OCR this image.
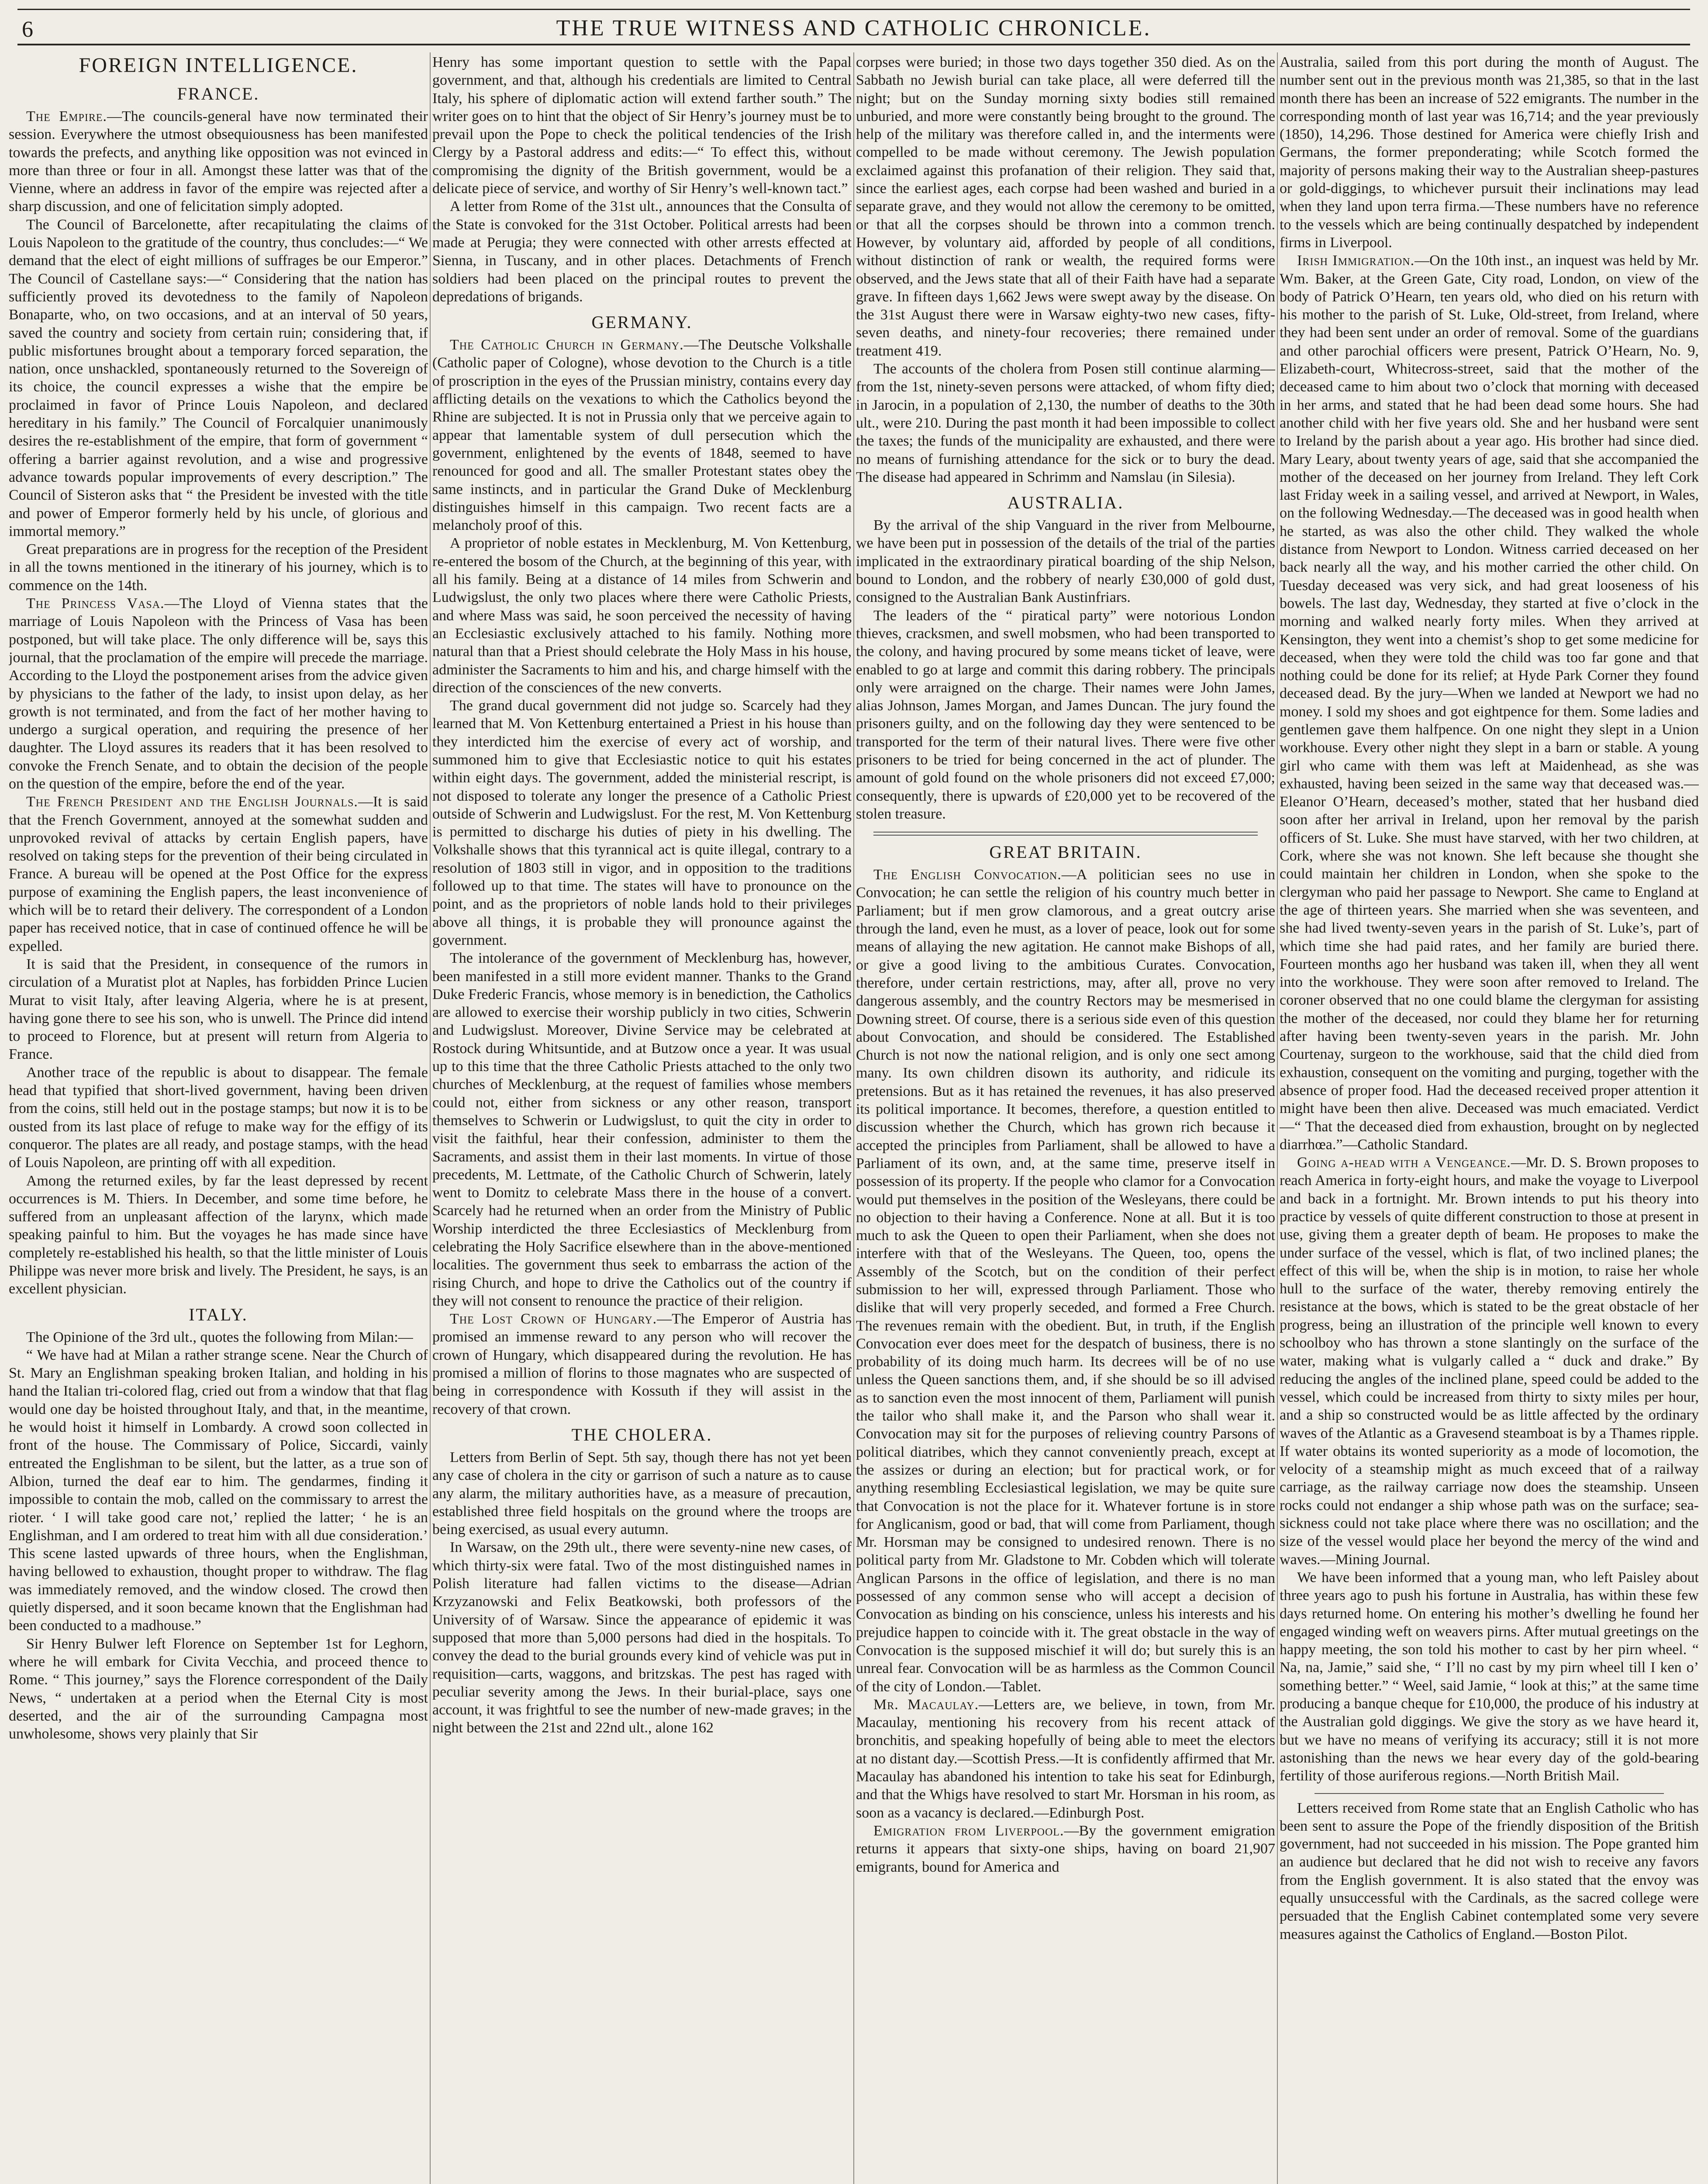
6	THE TRUE WITNESS AND CATHOLIC CHRONICLE.
FOREIGN INTELLIGENCE.
FRANCE.

The Empire.—The councils-general have now terminated their session. Everywhere the utmost obsequiousness has been manifested towards the prefects, and anything like opposition was not evinced in more than three or four in all. Amongst these latter was that of the Vienne, where an address in favor of the empire was rejected after a sharp discussion, and one of felicitation simply adopted.

The Council of Barcelonette, after recapitulating the claims of Louis Napoleon to the gratitude of the country, thus concludes:—“ We demand that the elect of eight millions of suffrages be our Emperor.” The Council of Castellane says:—“ Considering that the nation has sufficiently proved its devotedness to the family of Napoleon Bonaparte, who, on two occasions, and at an interval of 50 years, saved the country and society from certain ruin; considering that, if public misfortunes brought about a temporary forced separation, the nation, once unshackled, spontaneously returned to the Sovereign of its choice, the council expresses a wishe that the empire be proclaimed in favor of Prince Louis Napoleon, and declared hereditary in his family.” The Council of Forcalquier unanimously desires the re-establishment of the empire, that form of government “ offering a barrier against revolution, and a wise and progressive advance towards popular improvements of every description.” The Council of Sisteron asks that “ the President be invested with the title and power of Emperor formerly held by his uncle, of glorious and immortal memory.”

Great preparations are in progress for the reception of the President in all the towns mentioned in the itinerary of his journey, which is to commence on the 14th.

The Princess Vasa.—The Lloyd of Vienna states that the marriage of Louis Napoleon with the Princess of Vasa has been postponed, but will take place. The only difference will be, says this journal, that the proclamation of the empire will precede the marriage. According to the Lloyd the postponement arises from the advice given by physicians to the father of the lady, to insist upon delay, as her growth is not terminated, and from the fact of her mother having to undergo a surgical operation, and requiring the presence of her daughter. The Lloyd assures its readers that it has been resolved to convoke the French Senate, and to obtain the decision of the people on the question of the empire, before the end of the year.

The French President and the English Journals.—It is said that the French Government, annoyed at the somewhat sudden and unprovoked revival of attacks by certain English papers, have resolved on taking steps for the prevention of their being circulated in France. A bureau will be opened at the Post Office for the express purpose of examining the English papers, the least inconvenience of which will be to retard their delivery. The correspondent of a London paper has received notice, that in case of continued offence he will be expelled.

It is said that the President, in consequence of the rumors in circulation of a Muratist plot at Naples, has forbidden Prince Lucien Murat to visit Italy, after leaving Algeria, where he is at present, having gone there to see his son, who is unwell. The Prince did intend to proceed to Florence, but at present will return from Algeria to France.

Another trace of the republic is about to disappear. The female head that typified that short-lived government, having been driven from the coins, still held out in the postage stamps; but now it is to be ousted from its last place of refuge to make way for the effigy of its conqueror. The plates are all ready, and postage stamps, with the head of Louis Napoleon, are printing off with all expedition.

Among the returned exiles, by far the least depressed by recent occurrences is M. Thiers. In December, and some time before, he suffered from an unpleasant affection of the larynx, which made speaking painful to him. But the voyages he has made since have completely re-established his health, so that the little minister of Louis Philippe was never more brisk and lively. The President, he says, is an excellent physician.

ITALY.

The Opinione of the 3rd ult., quotes the following from Milan:—

“ We have had at Milan a rather strange scene. Near the Church of St. Mary an Englishman speaking broken Italian, and holding in his hand the Italian tri-colored flag, cried out from a window that that flag would one day be hoisted throughout Italy, and that, in the meantime, he would hoist it himself in Lombardy. A crowd soon collected in front of the house. The Commissary of Police, Siccardi, vainly entreated the Englishman to be silent, but the latter, as a true son of Albion, turned the deaf ear to him. The gendarmes, finding it impossible to contain the mob, called on the commissary to arrest the rioter. ‘ I will take good care not,’ replied the latter; ‘ he is an Englishman, and I am ordered to treat him with all due consideration.’ This scene lasted upwards of three hours, when the Englishman, having bellowed to exhaustion, thought proper to withdraw. The flag was immediately removed, and the window closed. The crowd then quietly dispersed, and it soon became known that the Englishman had been conducted to a madhouse.”

Sir Henry Bulwer left Florence on September 1st for Leghorn, where he will embark for Civita Vecchia, and proceed thence to Rome. “ This journey,” says the Florence correspondent of the Daily News, “ undertaken at a period when the Eternal City is most deserted, and the air of the surrounding Campagna most unwholesome, shows very plainly that Sir

Henry has some important question to settle with the Papal government, and that, although his credentials are limited to Central Italy, his sphere of diplomatic action will extend farther south.” The writer goes on to hint that the object of Sir Henry’s journey must be to prevail upon the Pope to check the political tendencies of the Irish Clergy by a Pastoral address and edits:—“ To effect this, without compromising the dignity of the British government, would be a delicate piece of service, and worthy of Sir Henry’s well-known tact.”

A letter from Rome of the 31st ult., announces that the Consulta of the State is convoked for the 31st October. Political arrests had been made at Perugia; they were connected with other arrests effected at Sienna, in Tuscany, and in other places. Detachments of French soldiers had been placed on the principal routes to prevent the depredations of brigands.

GERMANY.

The Catholic Church in Germany.—The Deutsche Volkshalle (Catholic paper of Cologne), whose devotion to the Church is a title of proscription in the eyes of the Prussian ministry, contains every day afflicting details on the vexations to which the Catholics beyond the Rhine are subjected. It is not in Prussia only that we perceive again to appear that lamentable system of dull persecution which the government, enlightened by the events of 1848, seemed to have renounced for good and all. The smaller Protestant states obey the same instincts, and in particular the Grand Duke of Mecklenburg distinguishes himself in this campaign. Two recent facts are a melancholy proof of this.

A proprietor of noble estates in Mecklenburg, M. Von Kettenburg, re-entered the bosom of the Church, at the beginning of this year, with all his family. Being at a distance of 14 miles from Schwerin and Ludwigslust, the only two places where there were Catholic Priests, and where Mass was said, he soon perceived the necessity of having an Ecclesiastic exclusively attached to his family. Nothing more natural than that a Priest should celebrate the Holy Mass in his house, administer the Sacraments to him and his, and charge himself with the direction of the consciences of the new converts.

The grand ducal government did not judge so. Scarcely had they learned that M. Von Kettenburg entertained a Priest in his house than they interdicted him the exercise of every act of worship, and summoned him to give that Ecclesiastic notice to quit his estates within eight days. The government, added the ministerial rescript, is not disposed to tolerate any longer the presence of a Catholic Priest outside of Schwerin and Ludwigslust. For the rest, M. Von Kettenburg is permitted to discharge his duties of piety in his dwelling. The Volkshalle shows that this tyrannical act is quite illegal, contrary to a resolution of 1803 still in vigor, and in opposition to the traditions followed up to that time. The states will have to pronounce on the point, and as the proprietors of noble lands hold to their privileges above all things, it is probable they will pronounce against the government.

The intolerance of the government of Mecklenburg has, however, been manifested in a still more evident manner. Thanks to the Grand Duke Frederic Francis, whose memory is in benediction, the Catholics are allowed to exercise their worship publicly in two cities, Schwerin and Ludwigslust. Moreover, Divine Service may be celebrated at Rostock during Whitsuntide, and at Butzow once a year. It was usual up to this time that the three Catholic Priests attached to the only two churches of Mecklenburg, at the request of families whose members could not, either from sickness or any other reason, transport themselves to Schwerin or Ludwigslust, to quit the city in order to visit the faithful, hear their confession, administer to them the Sacraments, and assist them in their last moments. In virtue of those precedents, M. Lettmate, of the Catholic Church of Schwerin, lately went to Domitz to celebrate Mass there in the house of a convert. Scarcely had he returned when an order from the Ministry of Public Worship interdicted the three Ecclesiastics of Mecklenburg from celebrating the Holy Sacrifice elsewhere than in the above-mentioned localities. The government thus seek to embarrass the action of the rising Church, and hope to drive the Catholics out of the country if they will not consent to renounce the practice of their religion.

The Lost Crown of Hungary.—The Emperor of Austria has promised an immense reward to any person who will recover the crown of Hungary, which disappeared during the revolution. He has promised a million of florins to those magnates who are suspected of being in correspondence with Kossuth if they will assist in the recovery of that crown.

THE CHOLERA.

Letters from Berlin of Sept. 5th say, though there has not yet been any case of cholera in the city or garrison of such a nature as to cause any alarm, the military authorities have, as a measure of precaution, established three field hospitals on the ground where the troops are being exercised, as usual every autumn.

In Warsaw, on the 29th ult., there were seventy-nine new cases, of which thirty-six were fatal. Two of the most distinguished names in Polish literature had fallen victims to the disease—Adrian Krzyzanowski and Felix Beatkowski, both professors of the University of of Warsaw. Since the appearance of epidemic it was supposed that more than 5,000 persons had died in the hospitals. To convey the dead to the burial grounds every kind of vehicle was put in requisition—carts, waggons, and britzskas. The pest has raged with peculiar severity among the Jews. In their burial-place, says one account, it was frightful to see the number of new-made graves; in the night between the 21st and 22nd ult., alone 162

corpses were buried; in those two days together 350 died. As on the Sabbath no Jewish burial can take place, all were deferred till the night; but on the Sunday morning sixty bodies still remained unburied, and more were constantly being brought to the ground. The help of the military was therefore called in, and the interments were compelled to be made without ceremony. The Jewish population exclaimed against this profanation of their religion. They said that, since the earliest ages, each corpse had been washed and buried in a separate grave, and they would not allow the ceremony to be omitted, or that all the corpses should be thrown into a common trench. However, by voluntary aid, afforded by people of all conditions, without distinction of rank or wealth, the required forms were observed, and the Jews state that all of their Faith have had a separate grave. In fifteen days 1,662 Jews were swept away by the disease. On the 31st August there were in Warsaw eighty-two new cases, fifty-seven deaths, and ninety-four recoveries; there remained under treatment 419.

The accounts of the cholera from Posen still continue alarming—from the 1st, ninety-seven persons were attacked, of whom fifty died; in Jarocin, in a population of 2,130, the number of deaths to the 30th ult., were 210. During the past month it had been impossible to collect the taxes; the funds of the municipality are exhausted, and there were no means of furnishing attendance for the sick or to bury the dead. The disease had appeared in Schrimm and Namslau (in Silesia).

AUSTRALIA.

By the arrival of the ship Vanguard in the river from Melbourne, we have been put in possession of the details of the trial of the parties implicated in the extraordinary piratical boarding of the ship Nelson, bound to London, and the robbery of nearly £30,000 of gold dust, consigned to the Australian Bank Austinfriars.

The leaders of the “ piratical party” were notorious London thieves, cracksmen, and swell mobsmen, who had been transported to the colony, and having procured by some means ticket of leave, were enabled to go at large and commit this daring robbery. The principals only were arraigned on the charge. Their names were John James, alias Johnson, James Morgan, and James Duncan. The jury found the prisoners guilty, and on the following day they were sentenced to be transported for the term of their natural lives. There were five other prisoners to be tried for being concerned in the act of plunder. The amount of gold found on the whole prisoners did not exceed £7,000; consequently, there is upwards of £20,000 yet to be recovered of the stolen treasure.

GREAT BRITAIN.

The English Convocation.—A politician sees no use in Convocation; he can settle the religion of his country much better in Parliament; but if men grow clamorous, and a great outcry arise through the land, even he must, as a lover of peace, look out for some means of allaying the new agitation. He cannot make Bishops of all, or give a good living to the ambitious Curates. Convocation, therefore, under certain restrictions, may, after all, prove no very dangerous assembly, and the country Rectors may be mesmerised in Downing street. Of course, there is a serious side even of this question about Convocation, and should be considered. The Established Church is not now the national religion, and is only one sect among many. Its own children disown its authority, and ridicule its pretensions. But as it has retained the revenues, it has also preserved its political importance. It becomes, therefore, a question entitled to discussion whether the Church, which has grown rich because it accepted the principles from Parliament, shall be allowed to have a Parliament of its own, and, at the same time, preserve itself in possession of its property. If the people who clamor for a Convocation would put themselves in the position of the Wesleyans, there could be no objection to their having a Conference. None at all. But it is too much to ask the Queen to open their Parliament, when she does not interfere with that of the Wesleyans. The Queen, too, opens the Assembly of the Scotch, but on the condition of their perfect submission to her will, expressed through Parliament. Those who dislike that will very properly seceded, and formed a Free Church. The revenues remain with the obedient. But, in truth, if the English Convocation ever does meet for the despatch of business, there is no probability of its doing much harm. Its decrees will be of no use unless the Queen sanctions them, and, if she should be so ill advised as to sanction even the most innocent of them, Parliament will punish the tailor who shall make it, and the Parson who shall wear it. Convocation may sit for the purposes of relieving country Parsons of political diatribes, which they cannot conveniently preach, except at the assizes or during an election; but for practical work, or for anything resembling Ecclesiastical legislation, we may be quite sure that Convocation is not the place for it. Whatever fortune is in store for Anglicanism, good or bad, that will come from Parliament, though Mr. Horsman may be consigned to undesired renown. There is no political party from Mr. Gladstone to Mr. Cobden which will tolerate Anglican Parsons in the office of legislation, and there is no man possessed of any common sense who will accept a decision of Convocation as binding on his conscience, unless his interests and his prejudice happen to coincide with it. The great obstacle in the way of Convocation is the supposed mischief it will do; but surely this is an unreal fear. Convocation will be as harmless as the Common Council of the city of London.—Tablet.

Mr. Macaulay.—Letters are, we believe, in town, from Mr. Macaulay, mentioning his recovery from his recent attack of bronchitis, and speaking hopefully of being able to meet the electors at no distant day.—Scottish Press.—It is confidently affirmed that Mr. Macaulay has abandoned his intention to take his seat for Edinburgh, and that the Whigs have resolved to start Mr. Horsman in his room, as soon as a vacancy is declared.—Edinburgh Post.

Emigration from Liverpool.—By the government emigration returns it appears that sixty-one ships, having on board 21,907 emigrants, bound for America and

Australia, sailed from this port during the month of August. The number sent out in the previous month was 21,385, so that in the last month there has been an increase of 522 emigrants. The number in the corresponding month of last year was 16,714; and the year previously (1850), 14,296. Those destined for America were chiefly Irish and Germans, the former preponderating; while Scotch formed the majority of persons making their way to the Australian sheep-pastures or gold-diggings, to whichever pursuit their inclinations may lead when they land upon terra firma.—These numbers have no reference to the vessels which are being continually despatched by independent firms in Liverpool.

Irish Immigration.—On the 10th inst., an inquest was held by Mr. Wm. Baker, at the Green Gate, City road, London, on view of the body of Patrick O’Hearn, ten years old, who died on his return with his mother to the parish of St. Luke, Old-street, from Ireland, where they had been sent under an order of removal. Some of the guardians and other parochial officers were present, Patrick O’Hearn, No. 9, Elizabeth-court, Whitecross-street, said that the mother of the deceased came to him about two o’clock that morning with deceased in her arms, and stated that he had been dead some hours. She had another child with her five years old. She and her husband were sent to Ireland by the parish about a year ago. His brother had since died. Mary Leary, about twenty years of age, said that she accompanied the mother of the deceased on her journey from Ireland. They left Cork last Friday week in a sailing vessel, and arrived at Newport, in Wales, on the following Wednesday.—The deceased was in good health when he started, as was also the other child. They walked the whole distance from Newport to London. Witness carried deceased on her back nearly all the way, and his mother carried the other child. On Tuesday deceased was very sick, and had great looseness of his bowels. The last day, Wednesday, they started at five o’clock in the morning and walked nearly forty miles. When they arrived at Kensington, they went into a chemist’s shop to get some medicine for deceased, when they were told the child was too far gone and that nothing could be done for its relief; at Hyde Park Corner they found deceased dead. By the jury—When we landed at Newport we had no money. I sold my shoes and got eightpence for them. Some ladies and gentlemen gave them halfpence. On one night they slept in a Union workhouse. Every other night they slept in a barn or stable. A young girl who came with them was left at Maidenhead, as she was exhausted, having been seized in the same way that deceased was.—Eleanor O’Hearn, deceased’s mother, stated that her husband died soon after her arrival in Ireland, upon her removal by the parish officers of St. Luke. She must have starved, with her two children, at Cork, where she was not known. She left because she thought she could maintain her children in London, when she spoke to the clergyman who paid her passage to Newport. She came to England at the age of thirteen years. She married when she was seventeen, and she had lived twenty-seven years in the parish of St. Luke’s, part of which time she had paid rates, and her family are buried there. Fourteen months ago her husband was taken ill, when they all went into the workhouse. They were soon after removed to Ireland. The coroner observed that no one could blame the clergyman for assisting the mother of the deceased, nor could they blame her for returning after having been twenty-seven years in the parish. Mr. John Courtenay, surgeon to the workhouse, said that the child died from exhaustion, consequent on the vomiting and purging, together with the absence of proper food. Had the deceased received proper attention it might have been then alive. Deceased was much emaciated. Verdict—“ That the deceased died from exhaustion, brought on by neglected diarrhœa.”—Catholic Standard.

Going a-head with a Vengeance.—Mr. D. S. Brown proposes to reach America in forty-eight hours, and make the voyage to Liverpool and back in a fortnight. Mr. Brown intends to put his theory into practice by vessels of quite different construction to those at present in use, giving them a greater depth of beam. He proposes to make the under surface of the vessel, which is flat, of two inclined planes; the effect of this will be, when the ship is in motion, to raise her whole hull to the surface of the water, thereby removing entirely the resistance at the bows, which is stated to be the great obstacle of her progress, being an illustration of the principle well known to every schoolboy who has thrown a stone slantingly on the surface of the water, making what is vulgarly called a “ duck and drake.” By reducing the angles of the inclined plane, speed could be added to the vessel, which could be increased from thirty to sixty miles per hour, and a ship so constructed would be as little affected by the ordinary waves of the Atlantic as a Gravesend steamboat is by a Thames ripple. If water obtains its wonted superiority as a mode of locomotion, the velocity of a steamship might as much exceed that of a railway carriage, as the railway carriage now does the steamship. Unseen rocks could not endanger a ship whose path was on the surface; sea-sickness could not take place where there was no oscillation; and the size of the vessel would place her beyond the mercy of the wind and waves.—Mining Journal.

We have been informed that a young man, who left Paisley about three years ago to push his fortune in Australia, has within these few days returned home. On entering his mother’s dwelling he found her engaged winding weft on weavers pirns. After mutual greetings on the happy meeting, the son told his mother to cast by her pirn wheel. “ Na, na, Jamie,” said she, “ I’ll no cast by my pirn wheel till I ken o’ something better.” “ Weel, said Jamie, “ look at this;” at the same time producing a banque cheque for £10,000, the produce of his industry at the Australian gold diggings. We give the story as we have heard it, but we have no means of verifying its accuracy; still it is not more astonishing than the news we hear every day of the gold-bearing fertility of those auriferous regions.—North British Mail.

Letters received from Rome state that an English Catholic who has been sent to assure the Pope of the friendly disposition of the British government, had not succeeded in his mission. The Pope granted him an audience but declared that he did not wish to receive any favors from the English government. It is also stated that the envoy was equally unsuccessful with the Cardinals, as the sacred college were persuaded that the English Cabinet contemplated some very severe measures against the Catholics of England.—Boston Pilot.
